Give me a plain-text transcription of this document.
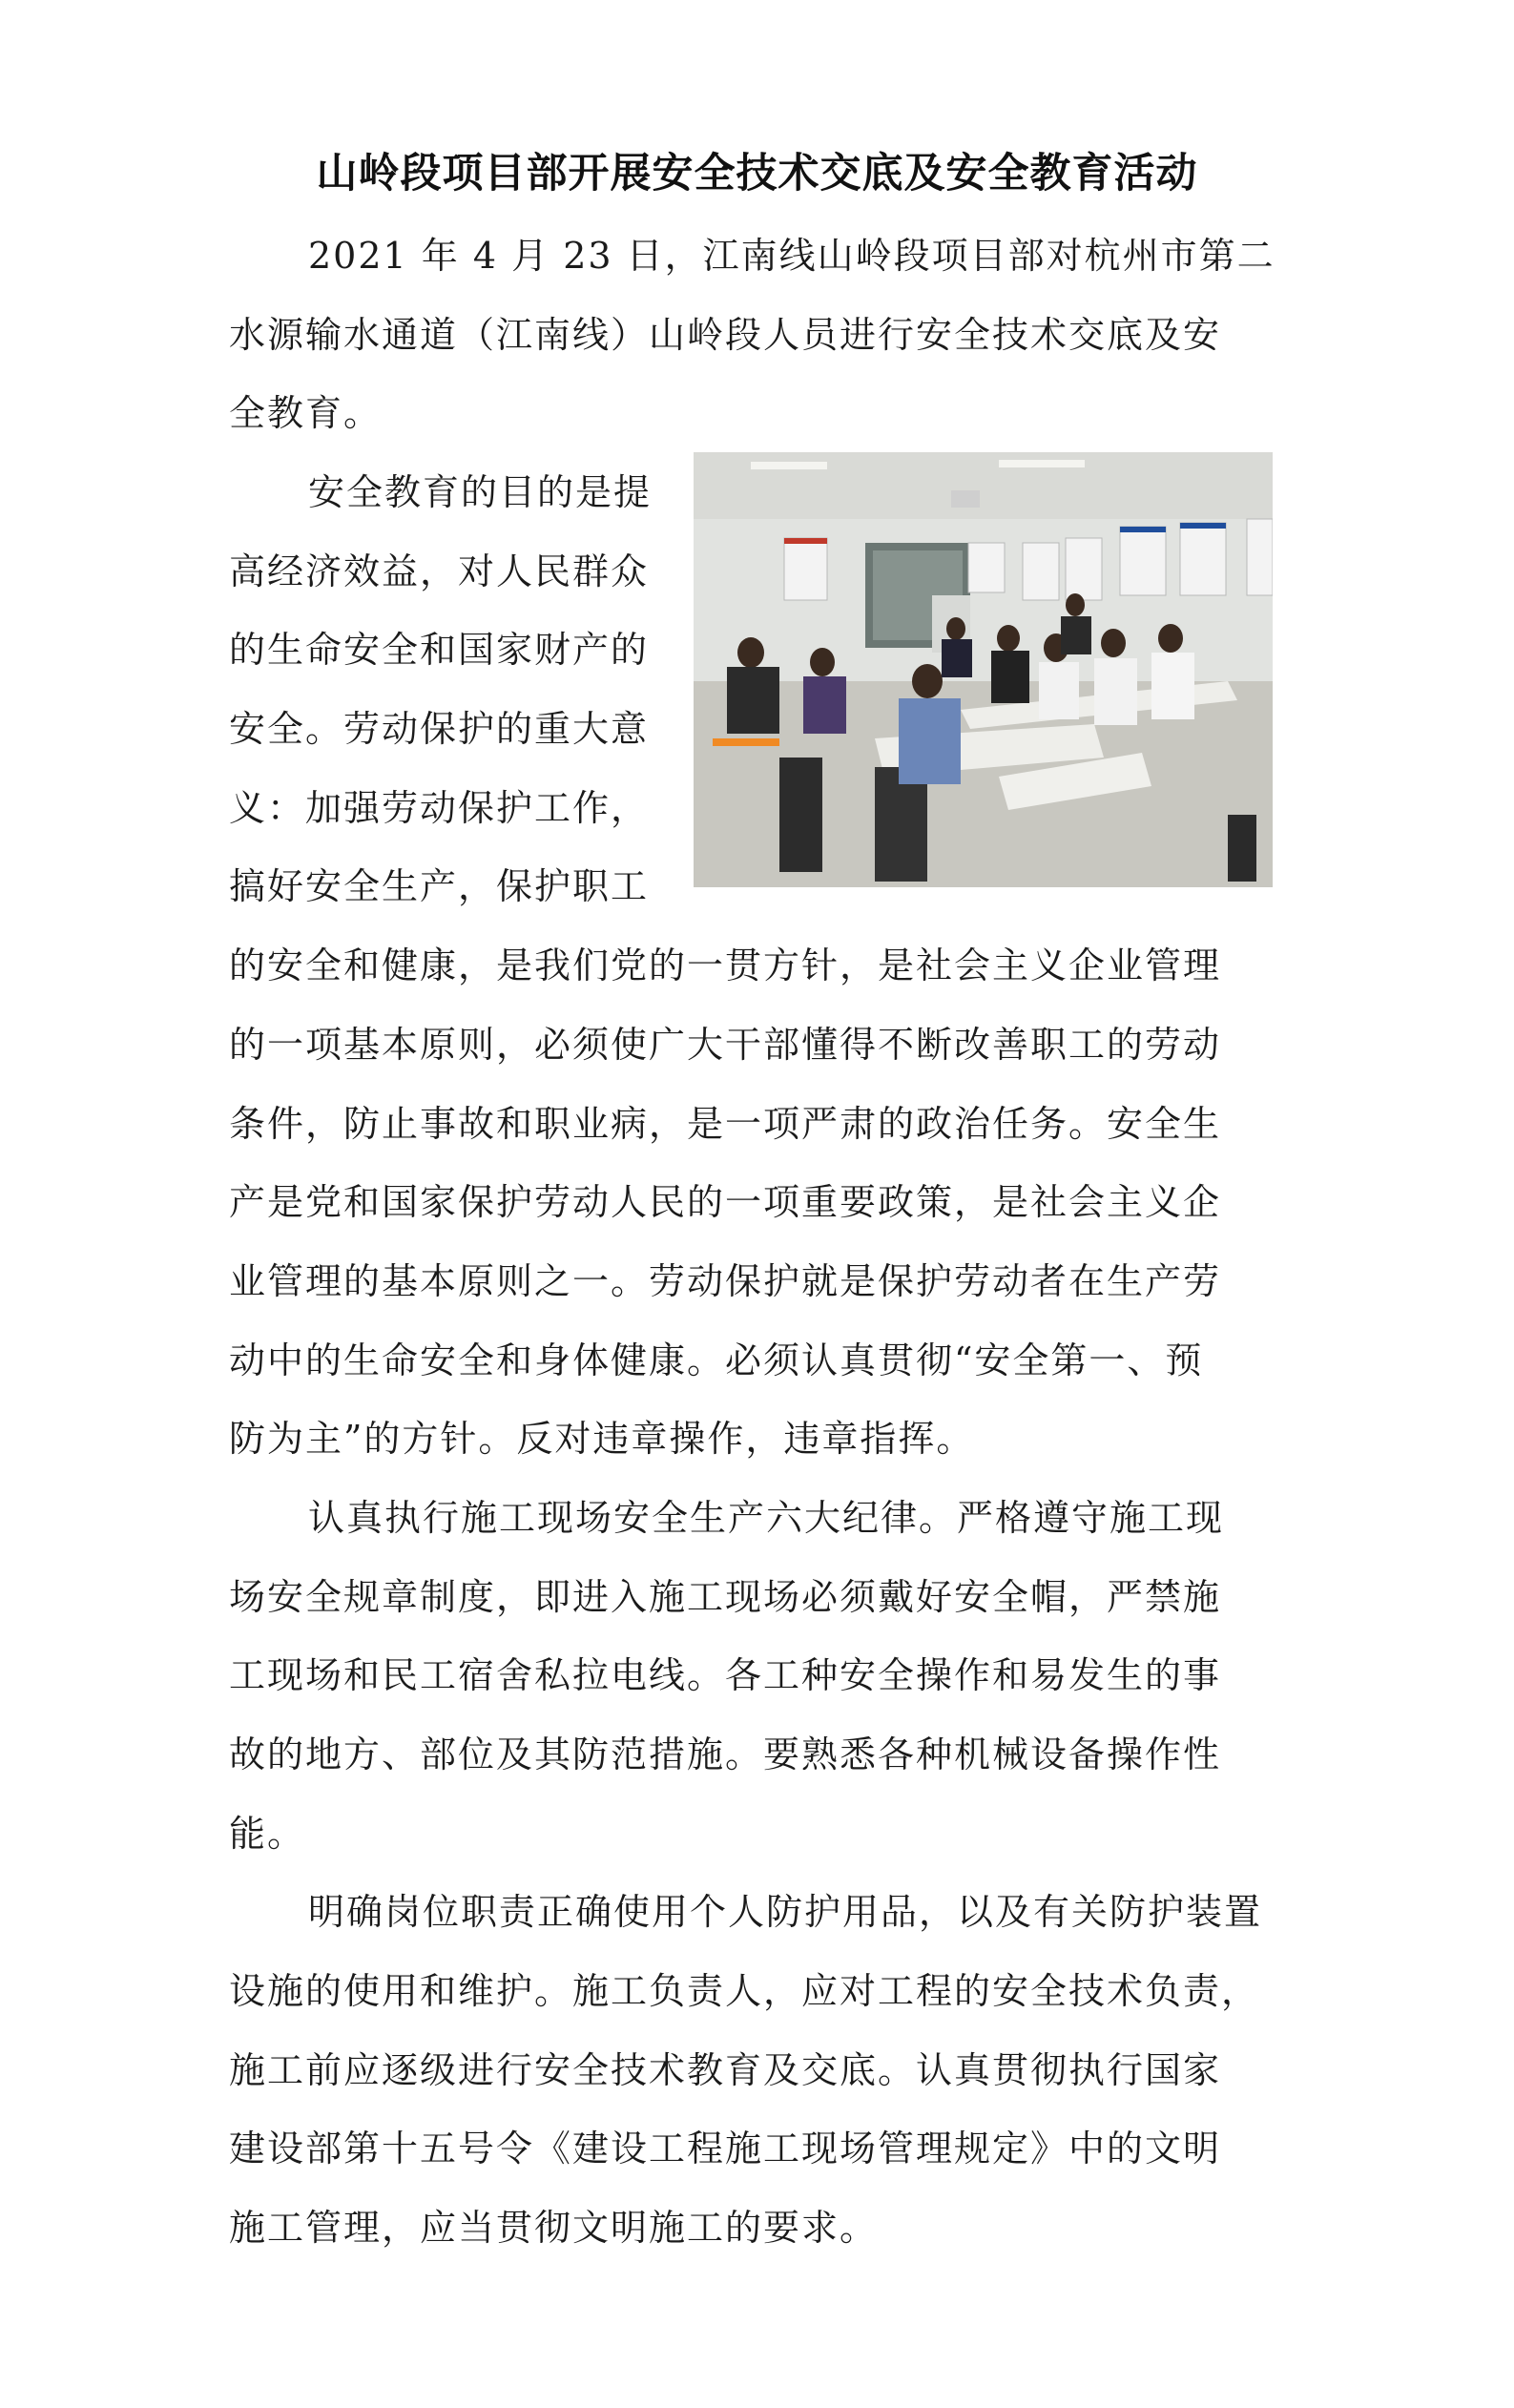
山岭段项目部开展安全技术交底及安全教育活动
2021 年 4 月 23 日，江南线山岭段项目部对杭州市第二
水源输水通道（江南线）山岭段人员进行安全技术交底及安
全教育。
安全教育的目的是提
高经济效益，对人民群众
的生命安全和国家财产的
安全。劳动保护的重大意
义：加强劳动保护工作，
搞好安全生产，保护职工
的安全和健康，是我们党的一贯方针，是社会主义企业管理
的一项基本原则，必须使广大干部懂得不断改善职工的劳动
条件，防止事故和职业病，是一项严肃的政治任务。安全生
产是党和国家保护劳动人民的一项重要政策，是社会主义企
业管理的基本原则之一。劳动保护就是保护劳动者在生产劳
动中的生命安全和身体健康。必须认真贯彻“安全第一、预
防为主”的方针。反对违章操作，违章指挥。
认真执行施工现场安全生产六大纪律。严格遵守施工现
场安全规章制度，即进入施工现场必须戴好安全帽，严禁施
工现场和民工宿舍私拉电线。各工种安全操作和易发生的事
故的地方、部位及其防范措施。要熟悉各种机械设备操作性
能。
明确岗位职责正确使用个人防护用品，以及有关防护装置
设施的使用和维护。施工负责人，应对工程的安全技术负责，
施工前应逐级进行安全技术教育及交底。认真贯彻执行国家
建设部第十五号令《建设工程施工现场管理规定》中的文明
施工管理，应当贯彻文明施工的要求。
